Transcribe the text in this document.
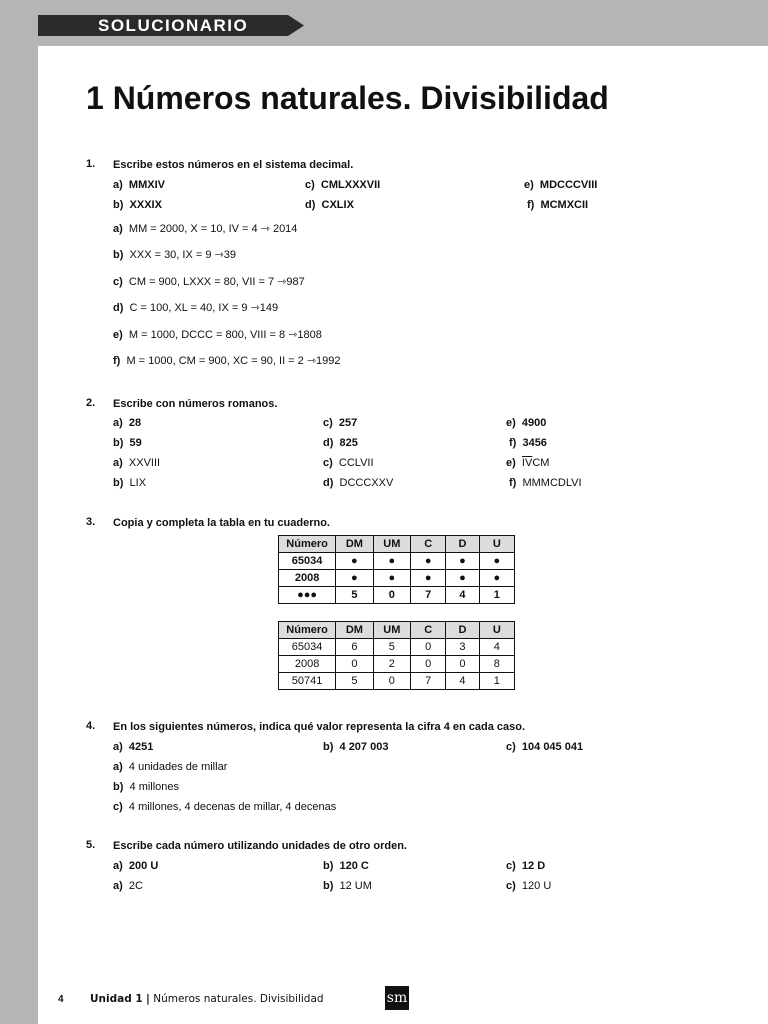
SOLUCIONARIO
1 Números naturales. Divisibilidad
1. Escribe estos números en el sistema decimal.
a) MMXIV	c) CMLXXXVII	e) MDCCCVIII
b) XXXIX	d) CXLIX	f) MCMXCII
a) MM = 2000, X = 10, IV = 4 ⇾ 2014
b) XXX = 30, IX = 9 ⇾39
c) CM = 900, LXXX = 80, VII = 7 ⇾987
d) C = 100, XL = 40, IX = 9 ⇾149
e) M = 1000, DCCC = 800, VIII = 8 ⇾1808
f) M = 1000, CM = 900, XC = 90, II = 2 ⇾1992
2. Escribe con números romanos.
a) 28	c) 257	e) 4900
b) 59	d) 825	f) 3456
a) XXVIII	c) CCLVII	e) $\overline{IV}CM$
b) LIX	d) DCCCXXV	f) MMMCDLVI
3. Copia y completa la tabla en tu cuaderno.
Número	DM	UM	C	D	U
65034	●	●	●	●	●
2008	●	●	●	●	●
●●●	5	0	7	4	1
Número	DM	UM	C	D	U
65034	6	5	0	3	4
2008	0	2	0	0	8
50741	5	0	7	4	1
4. En los siguientes números, indica qué valor representa la cifra 4 en cada caso.
a) 4251	b) 4 207 003	c) 104 045 041
a) 4 unidades de millar
b) 4 millones
c) 4 millones, 4 decenas de millar, 4 decenas
5. Escribe cada número utilizando unidades de otro orden.
a) 200 U	b) 120 C	c) 12 D
a) 2C	b) 12 UM	c) 120 U
4	Unidad 1 | Números naturales. Divisibilidad	sm
